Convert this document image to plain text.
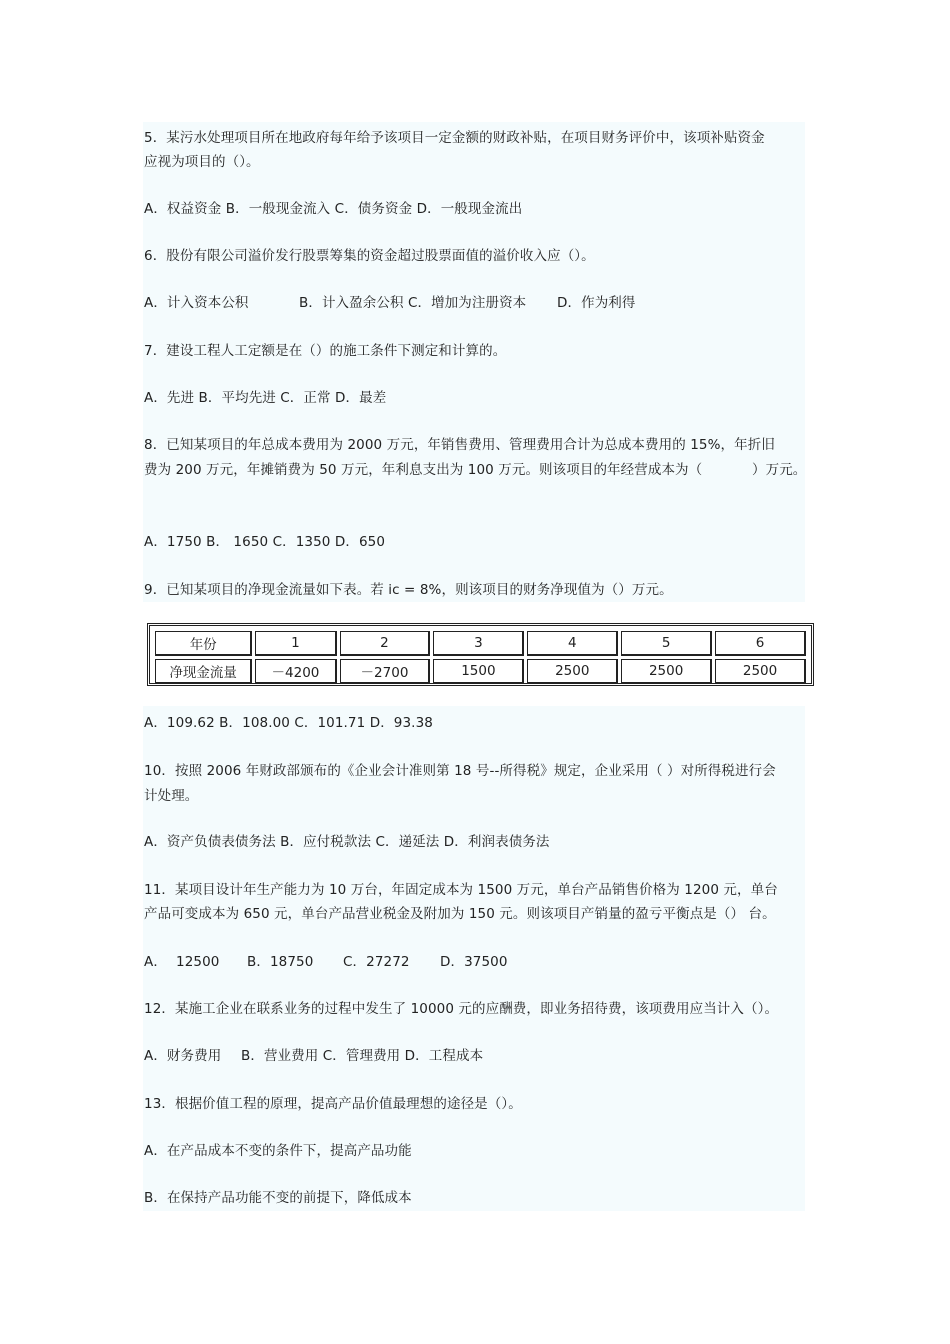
5．某污水处理项目所在地政府每年给予该项目一定金额的财政补贴，在项目财务评价中，该项补贴资金
应视为项目的（）。
A．权益资金 B．一般现金流入 C．债务资金 D．一般现金流出
6．股份有限公司溢价发行股票筹集的资金超过股票面值的溢价收入应（）。
A．计入资本公积	B．计入盈余公积 C．增加为注册资本 D．作为利得
7．建设工程人工定额是在（）的施工条件下测定和计算的。
A．先进 B．平均先进 C．正常 D．最差
8．已知某项目的年总成本费用为 2000 万元，年销售费用、管理费用合计为总成本费用的 15%，年折旧
费为 200 万元，年摊销费为 50 万元，年利息支出为 100 万元。则该项目的年经营成本为（	）万元。
A．1750 B． 1650 C．1350 D．650
9．已知某项目的净现金流量如下表。若 ic = 8%，则该项目的财务净现值为（）万元。
年份	1	2	3	4	5	6
净现金流量	－4200	－2700	1500	2500	2500	2500
A．109.62 B．108.00 C．101.71 D．93.38
10．按照 2006 年财政部颁布的《企业会计准则第 18 号--所得税》规定，企业采用（ ）对所得税进行会
计处理。
A．资产负债表债务法 B．应付税款法 C．递延法 D．利润表债务法
11．某项目设计年生产能力为 10 万台，年固定成本为 1500 万元，单台产品销售价格为 1200 元，单台
产品可变成本为 650 元，单台产品营业税金及附加为 150 元。则该项目产销量的盈亏平衡点是（） 台。
A． 12500 B．18750 C．27272 D．37500
12．某施工企业在联系业务的过程中发生了 10000 元的应酬费，即业务招待费，该项费用应当计入（）。
A．财务费用 B．营业费用 C．管理费用 D．工程成本
13．根据价值工程的原理，提高产品价值最理想的途径是（）。
A．在产品成本不变的条件下，提高产品功能
B．在保持产品功能不变的前提下，降低成本
